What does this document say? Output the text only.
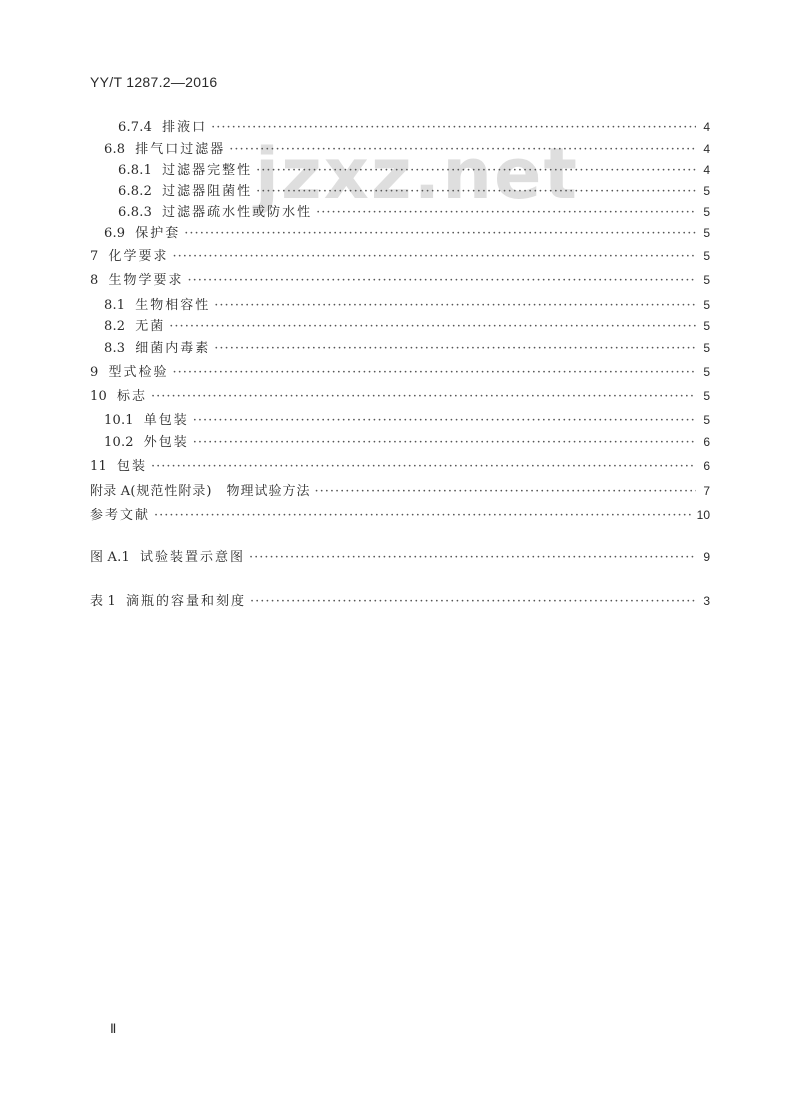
YY/T 1287.2—2016
jzxz.net
6.7.4 排液口 ·····	4
6.8 排气口过滤器 ·····	4
6.8.1 过滤器完整性 ·····	4
6.8.2 过滤器阻菌性 ·····	5
6.8.3 过滤器疏水性或防水性 ·····	5
6.9 保护套 ·····	5
7 化学要求 ·····	5
8 生物学要求 ·····	5
8.1 生物相容性 ·····	5
8.2 无菌 ·····	5
8.3 细菌内毒素 ·····	5
9 型式检验 ·····	5
10 标志 ·····	5
10.1 单包装 ·····	5
10.2 外包装 ·····	6
11 包装 ·····	6
附录 A (规范性附录)　物理试验方法 ·····	7
参考文献 ·····	10
图 A.1 试验装置示意图 ·····	9
表 1 滴瓶的容量和刻度 ·····	3
Ⅱ
